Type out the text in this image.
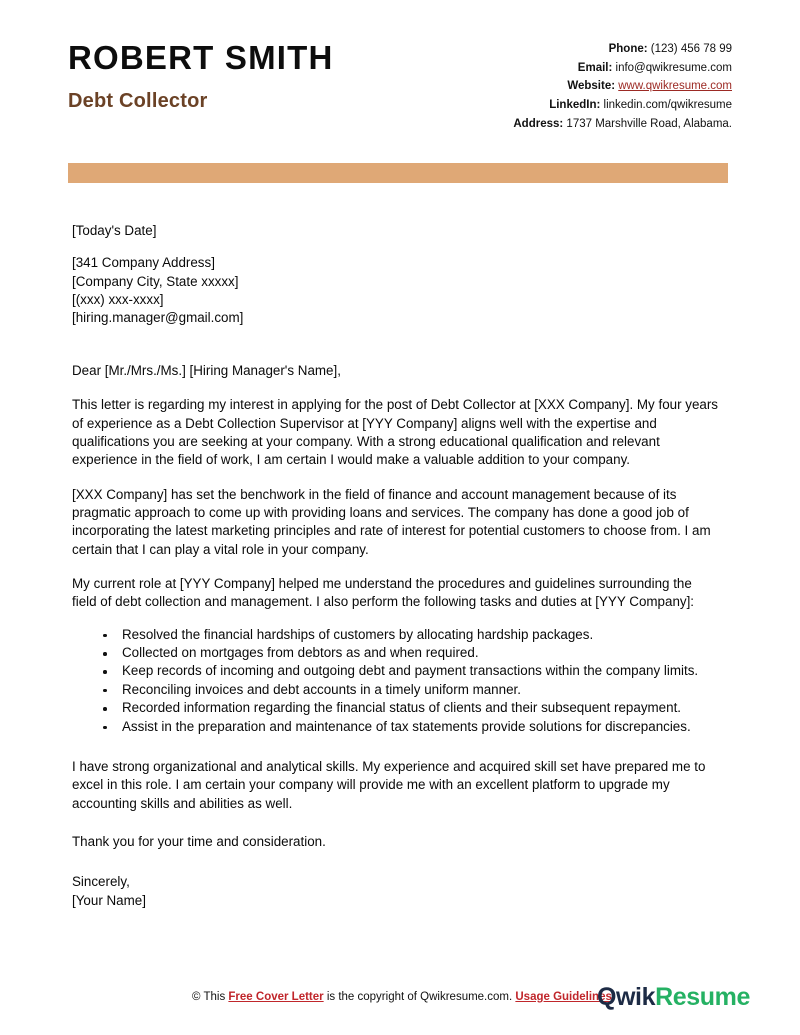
ROBERT SMITH
Debt Collector
Phone: (123) 456 78 99
Email: info@qwikresume.com
Website: www.qwikresume.com
LinkedIn: linkedin.com/qwikresume
Address: 1737 Marshville Road, Alabama.
[Today's Date]
[341 Company Address]
[Company City, State xxxxx]
[(xxx) xxx-xxxx]
[hiring.manager@gmail.com]
Dear [Mr./Mrs./Ms.] [Hiring Manager's Name],
This letter is regarding my interest in applying for the post of Debt Collector at [XXX Company]. My four years of experience as a Debt Collection Supervisor at [YYY Company] aligns well with the expertise and qualifications you are seeking at your company. With a strong educational qualification and relevant experience in the field of work, I am certain I would make a valuable addition to your company.
[XXX Company] has set the benchwork in the field of finance and account management because of its pragmatic approach to come up with providing loans and services. The company has done a good job of incorporating the latest marketing principles and rate of interest for potential customers to choose from. I am certain that I can play a vital role in your company.
My current role at [YYY Company] helped me understand the procedures and guidelines surrounding the field of debt collection and management. I also perform the following tasks and duties at [YYY Company]:
Resolved the financial hardships of customers by allocating hardship packages.
Collected on mortgages from debtors as and when required.
Keep records of incoming and outgoing debt and payment transactions within the company limits.
Reconciling invoices and debt accounts in a timely uniform manner.
Recorded information regarding the financial status of clients and their subsequent repayment.
Assist in the preparation and maintenance of tax statements provide solutions for discrepancies.
I have strong organizational and analytical skills. My experience and acquired skill set have prepared me to excel in this role. I am certain your company will provide me with an excellent platform to upgrade my accounting skills and abilities as well.
Thank you for your time and consideration.
Sincerely,
[Your Name]
© This Free Cover Letter is the copyright of Qwikresume.com. Usage Guidelines
QwikResume
